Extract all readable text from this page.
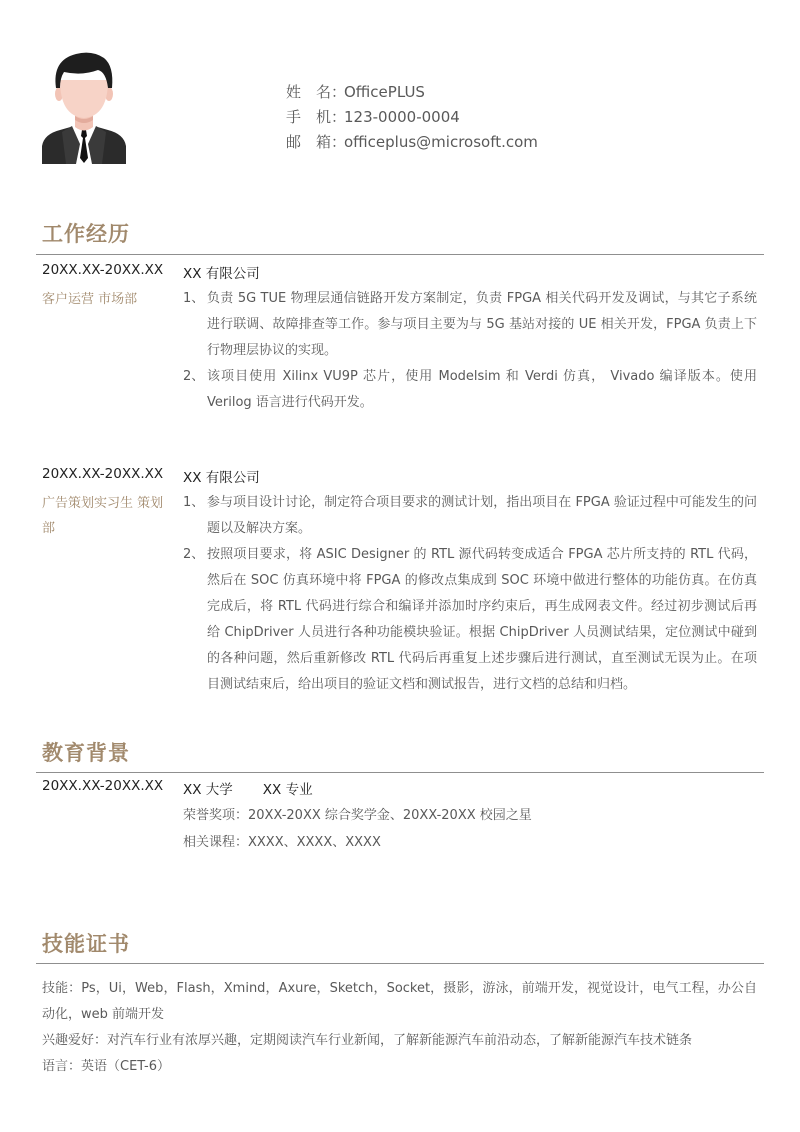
姓　名：OfficePLUS
手　机：123-0000-0004
邮　箱：officeplus@microsoft.com
工作经历
20XX.XX-20XX.XX XX 有限公司
客户运营 市场部	1、 负责 5G TUE 物理层通信链路开发方案制定，负责 FPGA 相关代码开发及调试，与其它子系统进行联调、故障排查等工作。参与项目主要为与 5G 基站对接的 UE 相关开发，FPGA 负责上下行物理层协议的实现。
2、 该项目使用 Xilinx VU9P 芯片，使用 Modelsim 和 Verdi 仿真， Vivado 编译版本。使用 Verilog 语言进行代码开发。
20XX.XX-20XX.XX XX 有限公司
广告策划实习生 策划部
1、 参与项目设计讨论，制定符合项目要求的测试计划，指出项目在 FPGA 验证过程中可能发生的问题以及解决方案。
2、 按照项目要求，将 ASIC Designer 的 RTL 源代码转变成适合 FPGA 芯片所支持的 RTL 代码，然后在 SOC 仿真环境中将 FPGA 的修改点集成到 SOC 环境中做进行整体的功能仿真。在仿真完成后，将 RTL 代码进行综合和编译并添加时序约束后，再生成网表文件。经过初步测试后再给 ChipDriver 人员进行各种功能模块验证。根据 ChipDriver 人员测试结果，定位测试中碰到的各种问题，然后重新修改 RTL 代码后再重复上述步骤后进行测试，直至测试无误为止。在项目测试结束后，给出项目的验证文档和测试报告，进行文档的总结和归档。
教育背景
20XX.XX-20XX.XX XX 大学 XX 专业
荣誉奖项：20XX-20XX 综合奖学金、20XX-20XX 校园之星
相关课程：XXXX、XXXX、XXXX
技能证书

技能：Ps，Ui，Web，Flash，Xmind，Axure，Sketch，Socket，摄影，游泳，前端开发，视觉设计，电气工程，办公自动化，web 前端开发

兴趣爱好：对汽车行业有浓厚兴趣，定期阅读汽车行业新闻，了解新能源汽车前沿动态，了解新能源汽车技术链条

语言：英语（CET-6）
